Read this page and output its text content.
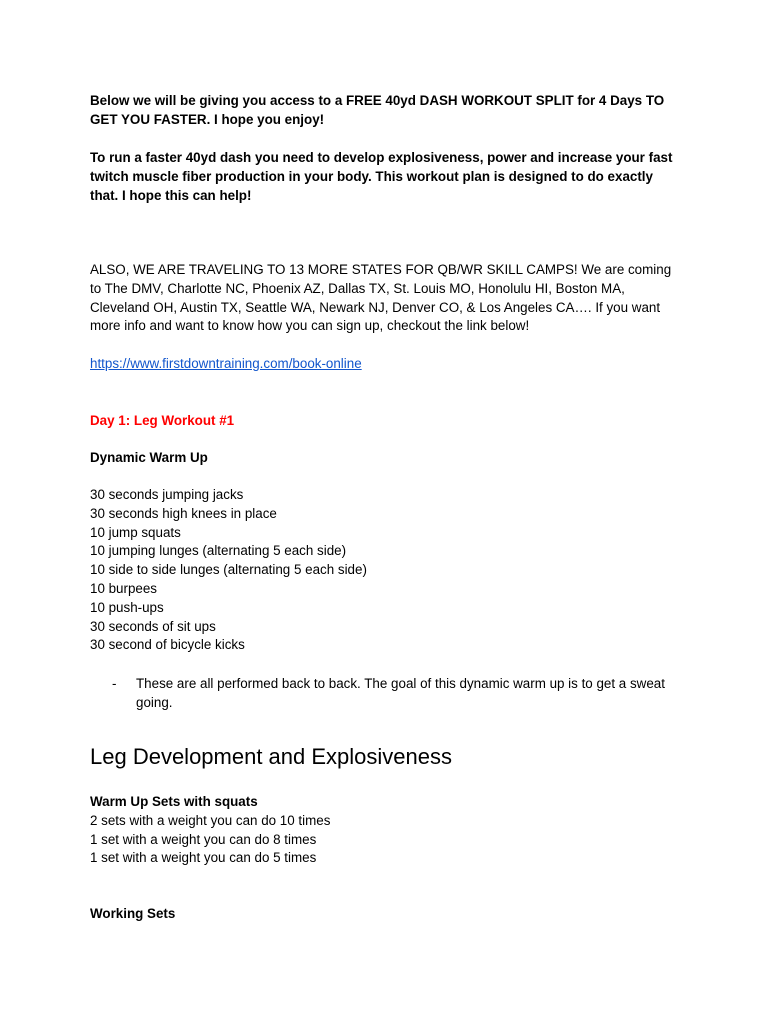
Below we will be giving you access to a FREE 40yd DASH WORKOUT SPLIT for 4 Days TO GET YOU FASTER. I hope you enjoy!

To run a faster 40yd dash you need to develop explosiveness, power and increase your fast twitch muscle fiber production in your body. This workout plan is designed to do exactly that. I hope this can help!

ALSO, WE ARE TRAVELING TO 13 MORE STATES FOR QB/WR SKILL CAMPS! We are coming to The DMV, Charlotte NC, Phoenix AZ, Dallas TX, St. Louis MO, Honolulu HI, Boston MA, Cleveland OH, Austin TX, Seattle WA, Newark NJ, Denver CO, & Los Angeles CA…. If you want more info and want to know how you can sign up, checkout the link below!

https://www.firstdowntraining.com/book-online
Day 1: Leg Workout #1
Dynamic Warm Up
30 seconds jumping jacks
30 seconds high knees in place
10 jump squats
10 jumping lunges (alternating 5 each side)
10 side to side lunges (alternating 5 each side)
10 burpees
10 push-ups
30 seconds of sit ups
30 second of bicycle kicks
- These are all performed back to back. The goal of this dynamic warm up is to get a sweat going.
Leg Development and Explosiveness
Warm Up Sets with squats
2 sets with a weight you can do 10 times
1 set with a weight you can do 8 times
1 set with a weight you can do 5 times
Working Sets
